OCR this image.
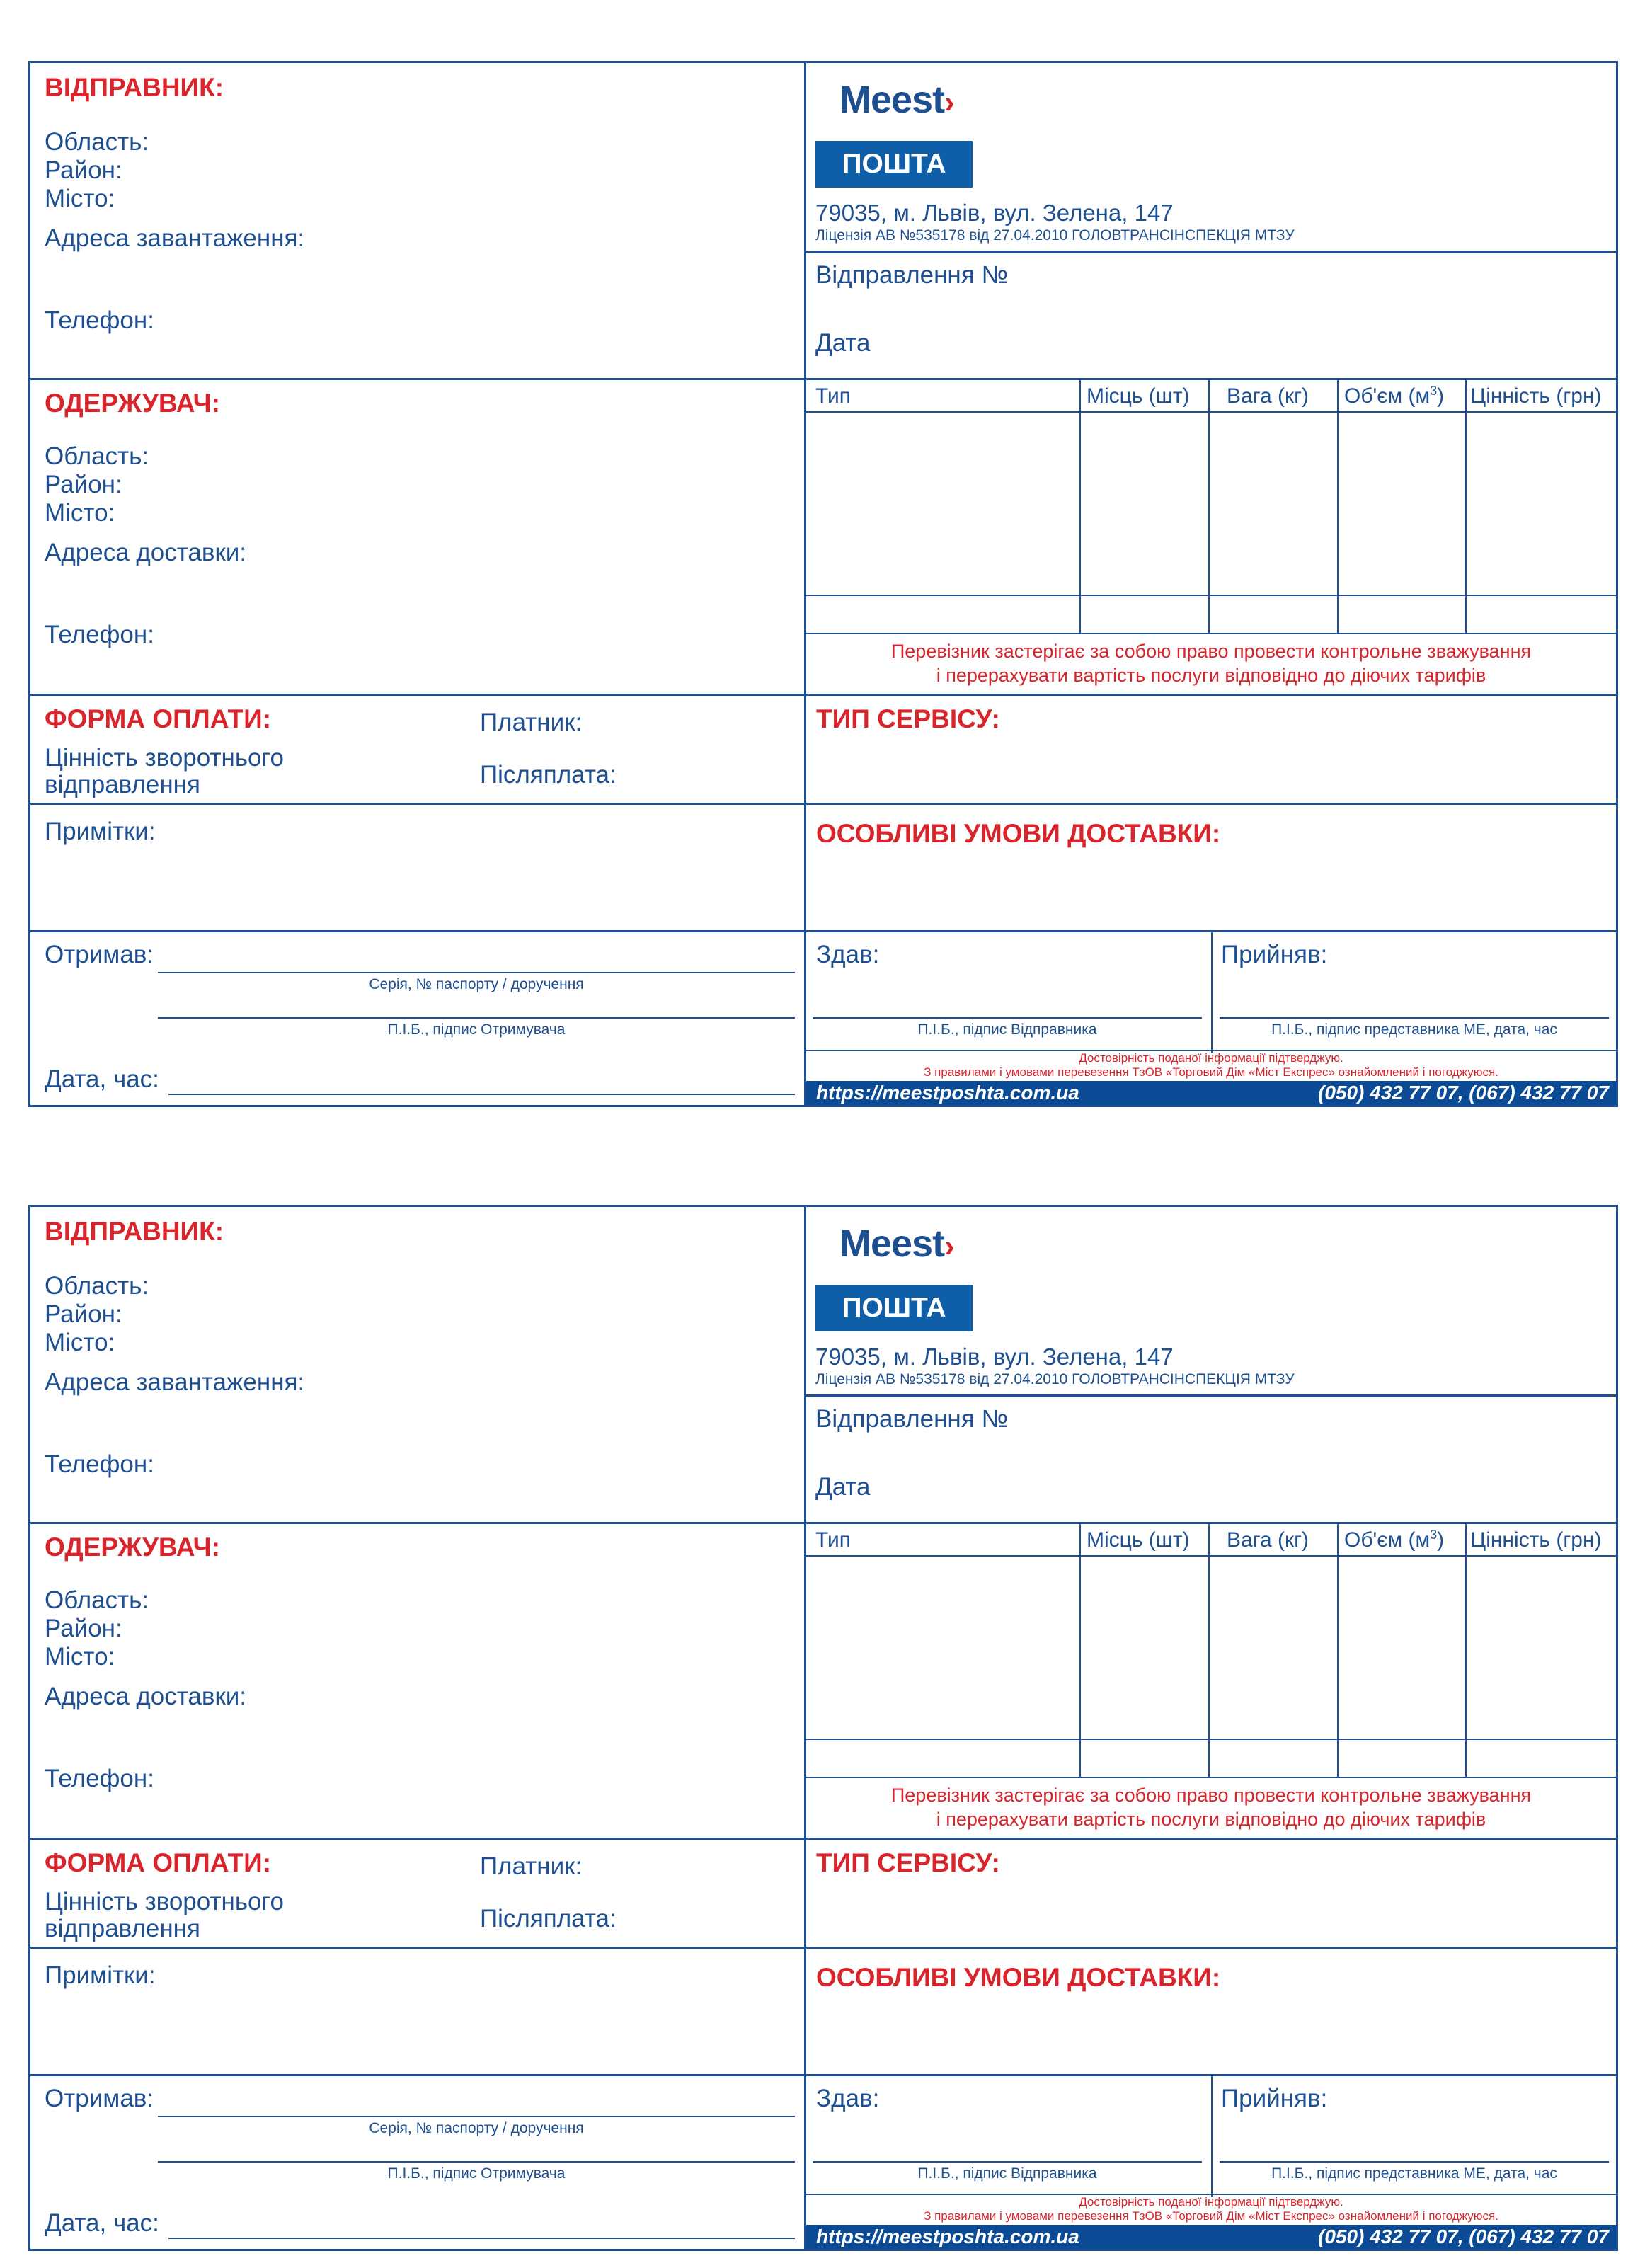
ВІДПРАВНИК:
Область:
Район:
Місто:
Адреса завантаження:
Телефон:
Meest›
ПОШТА
79035, м. Львів, вул. Зелена, 147
Ліцензія АВ №535178 від 27.04.2010 ГОЛОВТРАНСІНСПЕКЦІЯ МТЗУ
Відправлення №
Дата
ОДЕРЖУВАЧ:
Область:
Район:
Місто:
Адреса доставки:
Телефон:
Тип	Місць (шт) Вага (кг) Об'єм $(м^3)$ Цінність (грн)
Перевізник застерігає за собою право провести контрольне зважування
і перерахувати вартість послуги відповідно до діючих тарифів
ФОРМА ОПЛАТИ:	Платник:
Цінність зворотнього
відправлення	Післяплата:
ТИП СЕРВІСУ:
Примітки:	ОСОБЛИВІ УМОВИ ДОСТАВКИ:
Отримав:
Серія, № паспорту / доручення
П.І.Б., підпис Отримувача
Дата, час:
Здав:
П.І.Б., підпис Відправника
Прийняв:
П.І.Б., підпис представника МЕ, дата, час
Достовірність поданої інформації підтверджую.
З правилами і умовами перевезення ТзОВ «Торговий Дім «Міст Експрес» ознайомлений і погоджуюся.
https://meestposhta.com.ua	(050) 432 77 07, (067) 432 77 07
ВІДПРАВНИК:
Область:
Район:
Місто:
Адреса завантаження:
Телефон:
Meest›
ПОШТА
79035, м. Львів, вул. Зелена, 147
Ліцензія АВ №535178 від 27.04.2010 ГОЛОВТРАНСІНСПЕКЦІЯ МТЗУ
Відправлення №
Дата
ОДЕРЖУВАЧ:
Область:
Район:
Місто:
Адреса доставки:
Телефон:
Тип	Місць (шт) Вага (кг) Об'єм $(м^3)$ Цінність (грн)
Перевізник застерігає за собою право провести контрольне зважування
і перерахувати вартість послуги відповідно до діючих тарифів
ФОРМА ОПЛАТИ:	Платник:
Цінність зворотнього
відправлення	Післяплата:
ТИП СЕРВІСУ:
Примітки:	ОСОБЛИВІ УМОВИ ДОСТАВКИ:
Отримав:
Серія, № паспорту / доручення
П.І.Б., підпис Отримувача
Дата, час:
Здав:
П.І.Б., підпис Відправника
Прийняв:
П.І.Б., підпис представника МЕ, дата, час
Достовірність поданої інформації підтверджую.
З правилами і умовами перевезення ТзОВ «Торговий Дім «Міст Експрес» ознайомлений і погоджуюся.
https://meestposhta.com.ua	(050) 432 77 07, (067) 432 77 07
